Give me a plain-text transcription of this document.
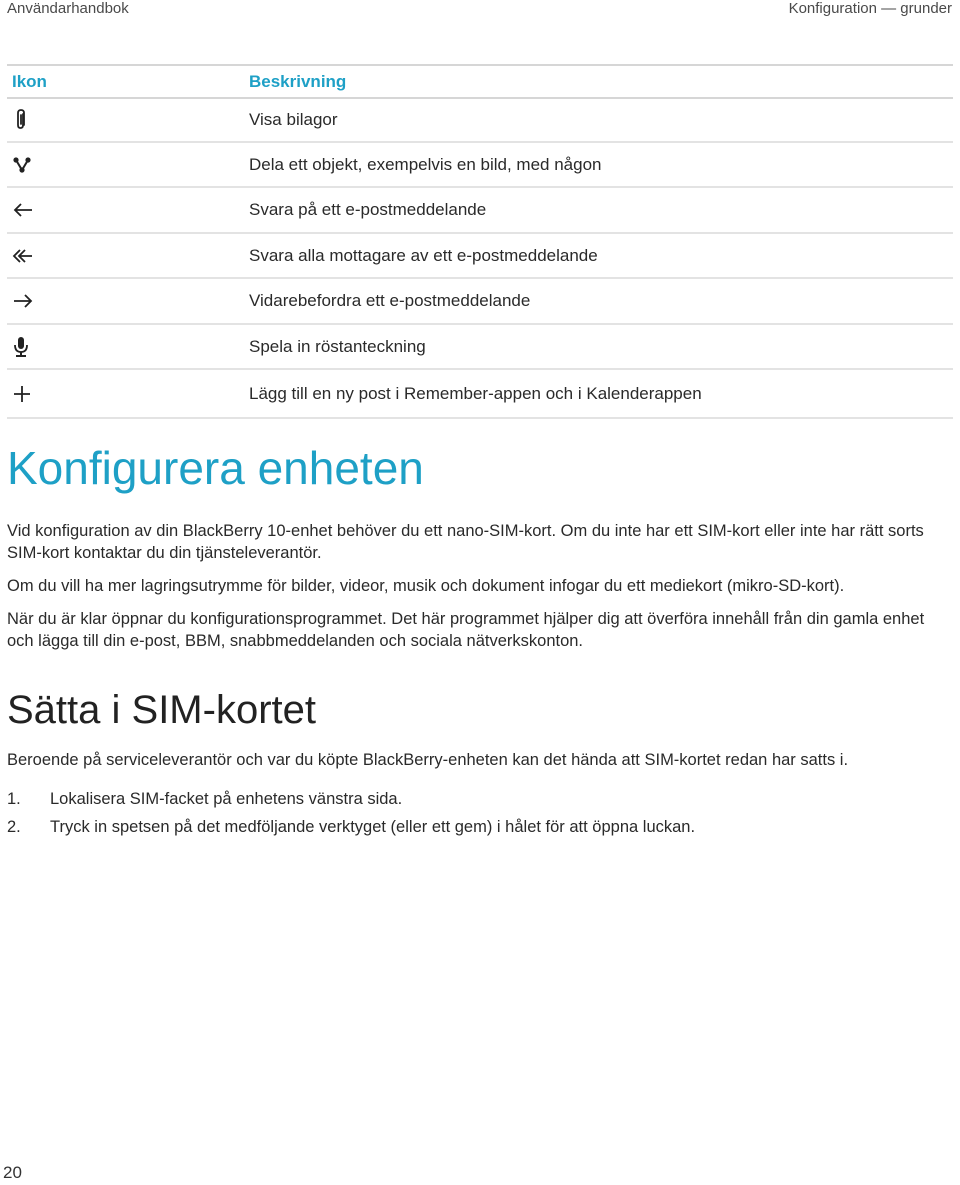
Användarhandbok	Konfiguration — grunder
Ikon	Beskrivning
Visa bilagor
Dela ett objekt, exempelvis en bild, med någon
Svara på ett e-postmeddelande
Svara alla mottagare av ett e-postmeddelande
Vidarebefordra ett e-postmeddelande
Spela in röstanteckning
Lägg till en ny post i Remember-appen och i Kalenderappen
Konfigurera enheten

Vid konfiguration av din BlackBerry 10-enhet behöver du ett nano-SIM-kort. Om du inte har ett SIM-kort eller inte har rätt sorts SIM-kort kontaktar du din tjänsteleverantör.

Om du vill ha mer lagringsutrymme för bilder, videor, musik och dokument infogar du ett mediekort (mikro-SD-kort).

När du är klar öppnar du konfigurationsprogrammet. Det här programmet hjälper dig att överföra innehåll från din gamla enhet och lägga till din e-post, BBM, snabbmeddelanden och sociala nätverkskonton.

Sätta i SIM-kortet

Beroende på serviceleverantör och var du köpte BlackBerry-enheten kan det hända att SIM-kortet redan har satts i.

1.	Lokalisera SIM-facket på enhetens vänstra sida.
2.	Tryck in spetsen på det medföljande verktyget (eller ett gem) i hålet för att öppna luckan.
20
